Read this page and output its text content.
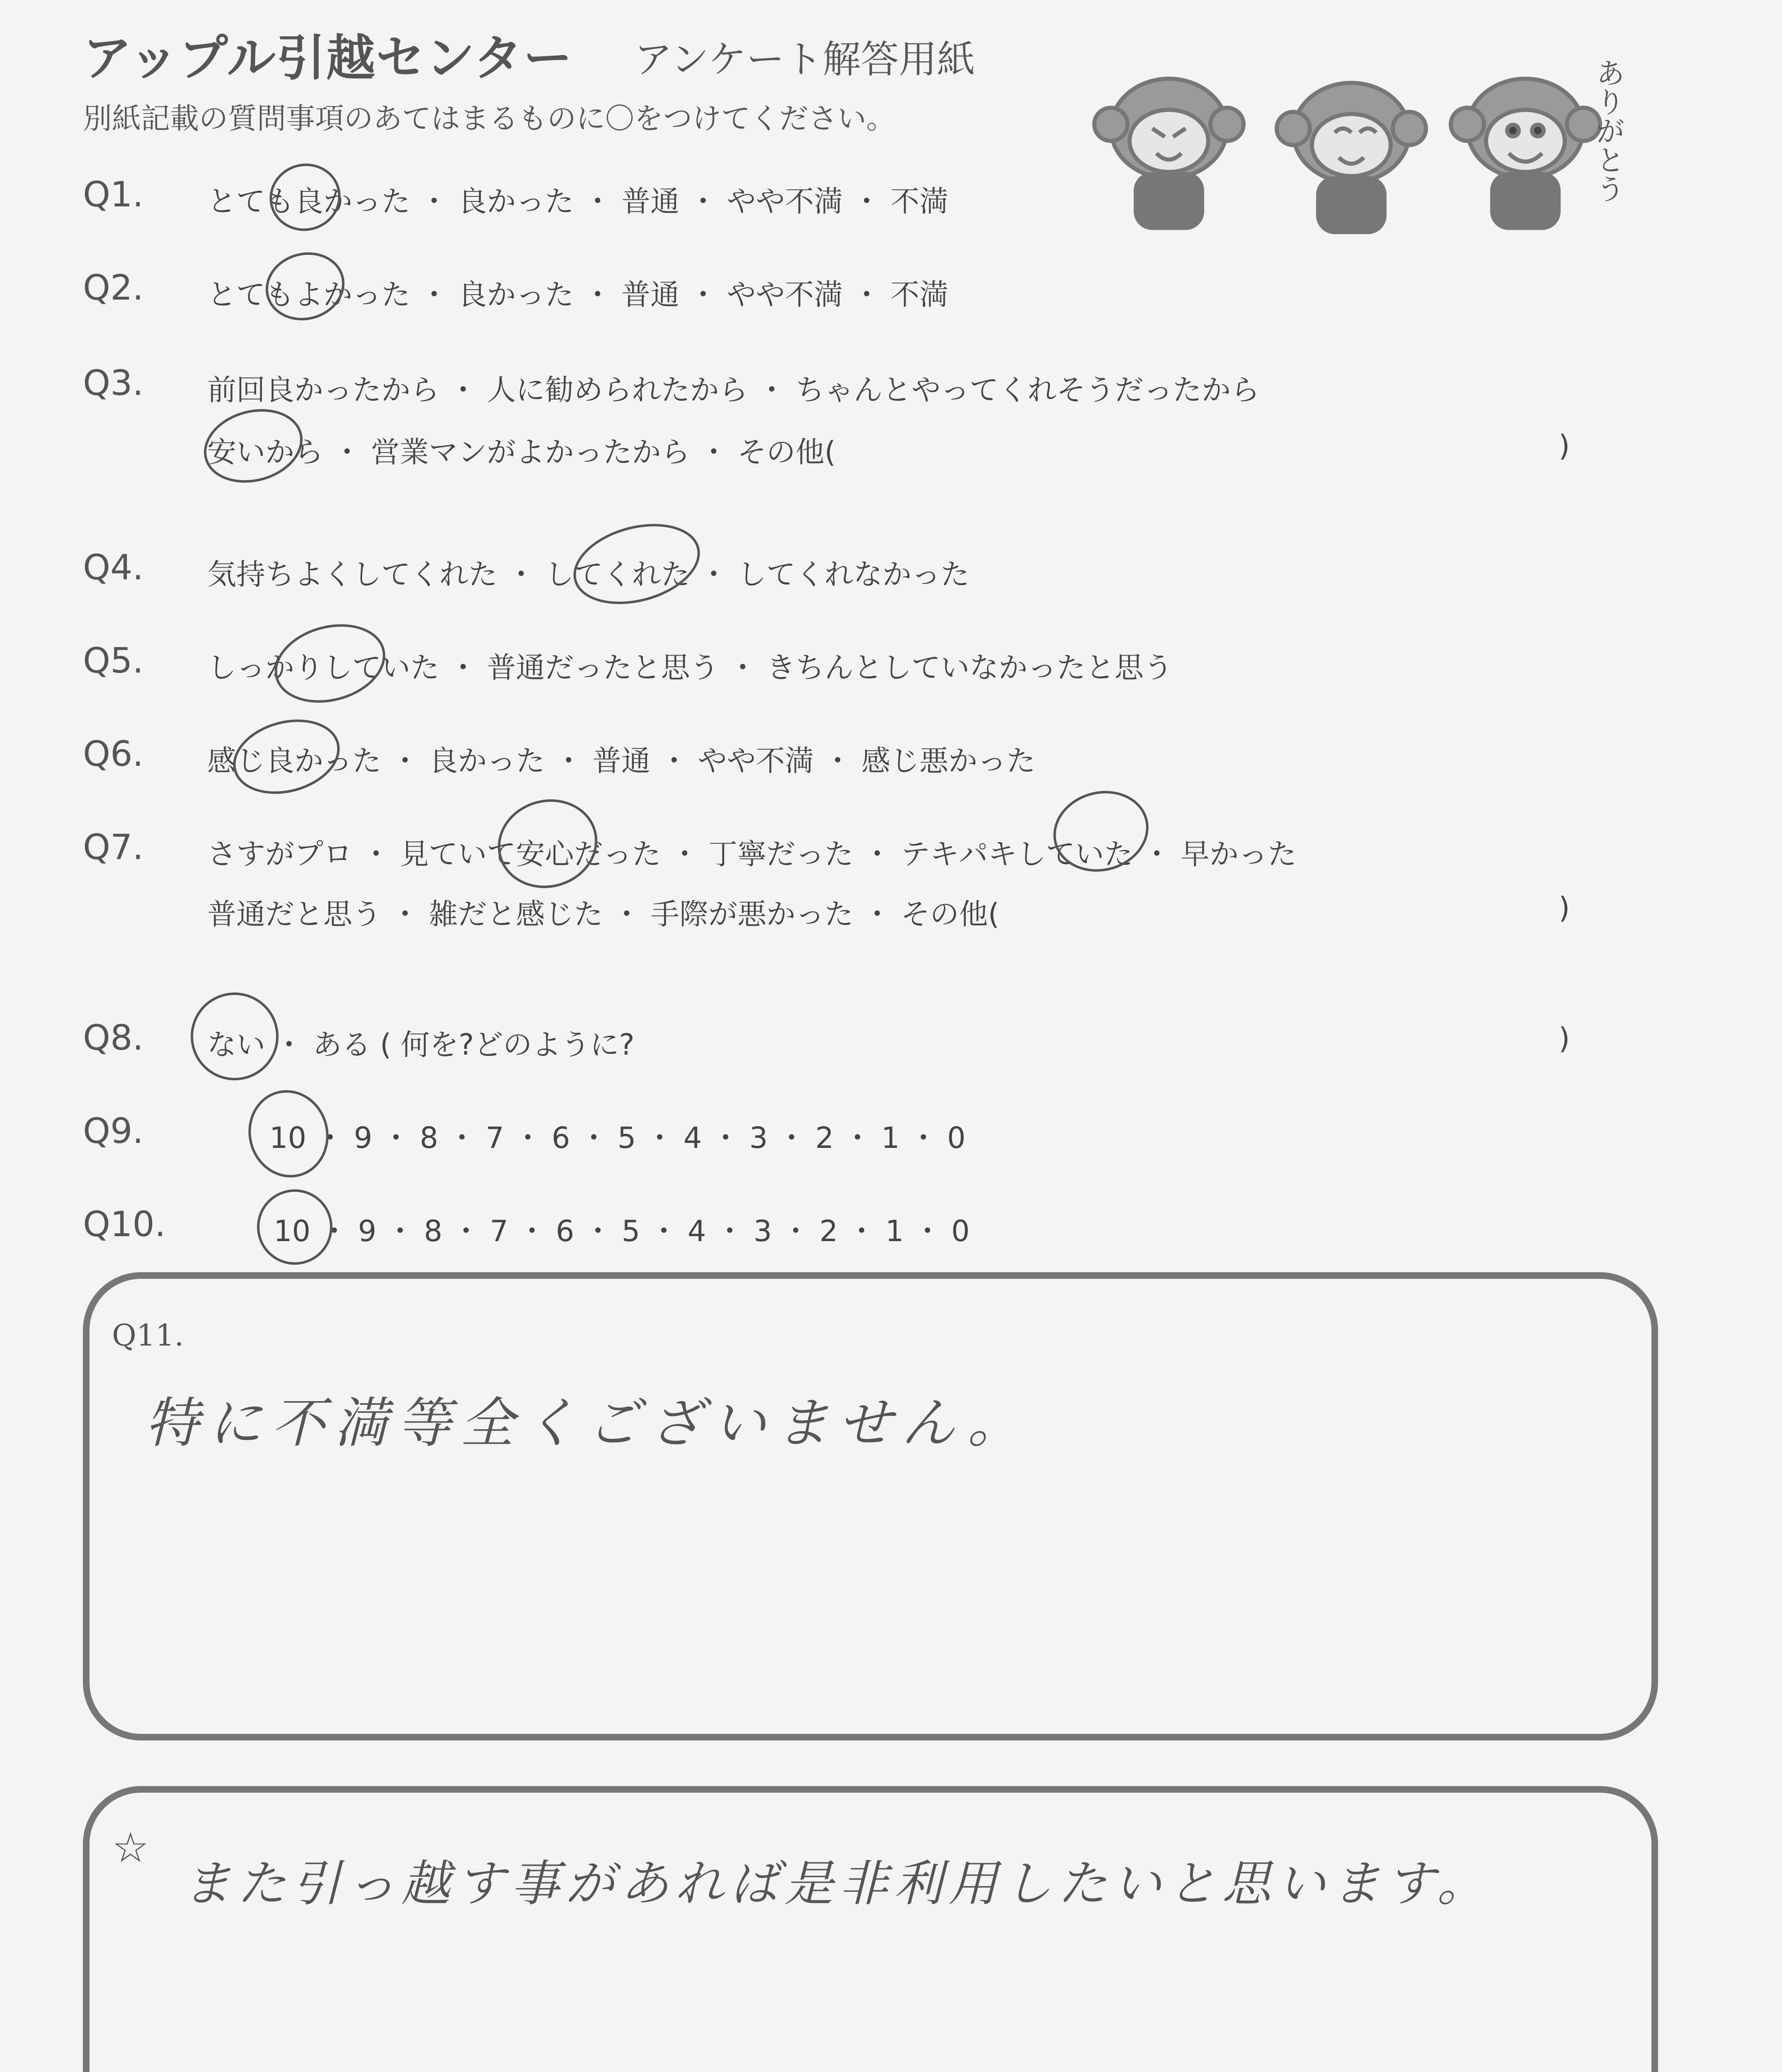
アップル引越センター アンケート解答用紙
別紙記載の質問事項のあてはまるものに〇をつけてください。	ありがとう
Q1. とても良かった ・ 良かった ・ 普通 ・ やや不満 ・ 不満
Q2. とてもよかった ・ 良かった ・ 普通 ・ やや不満 ・ 不満
Q3. 前回良かったから ・ 人に勧められたから ・ ちゃんとやってくれそうだったから
安いから ・ 営業マンがよかったから ・ その他(	)
Q4. 気持ちよくしてくれた ・ してくれた ・ してくれなかった
Q5. しっかりしていた ・ 普通だったと思う ・ きちんとしていなかったと思う
Q6. 感じ良かった ・ 良かった ・ 普通 ・ やや不満 ・ 感じ悪かった
Q7. さすがプロ ・ 見ていて安心だった ・ 丁寧だった ・ テキパキしていた ・ 早かった
普通だと思う ・ 雑だと感じた ・ 手際が悪かった ・ その他(	)
Q8. ない ・ ある ( 何を?どのように?	)
Q9.	10 ・ 9 ・ 8 ・ 7 ・ 6 ・ 5 ・ 4 ・ 3 ・ 2 ・ 1 ・ 0
Q10.	10 ・ 9 ・ 8 ・ 7 ・ 6 ・ 5 ・ 4 ・ 3 ・ 2 ・ 1 ・ 0
Q11.
特に不満等全くございません。
☆
また引っ越す事があれば是非利用したいと思います。
